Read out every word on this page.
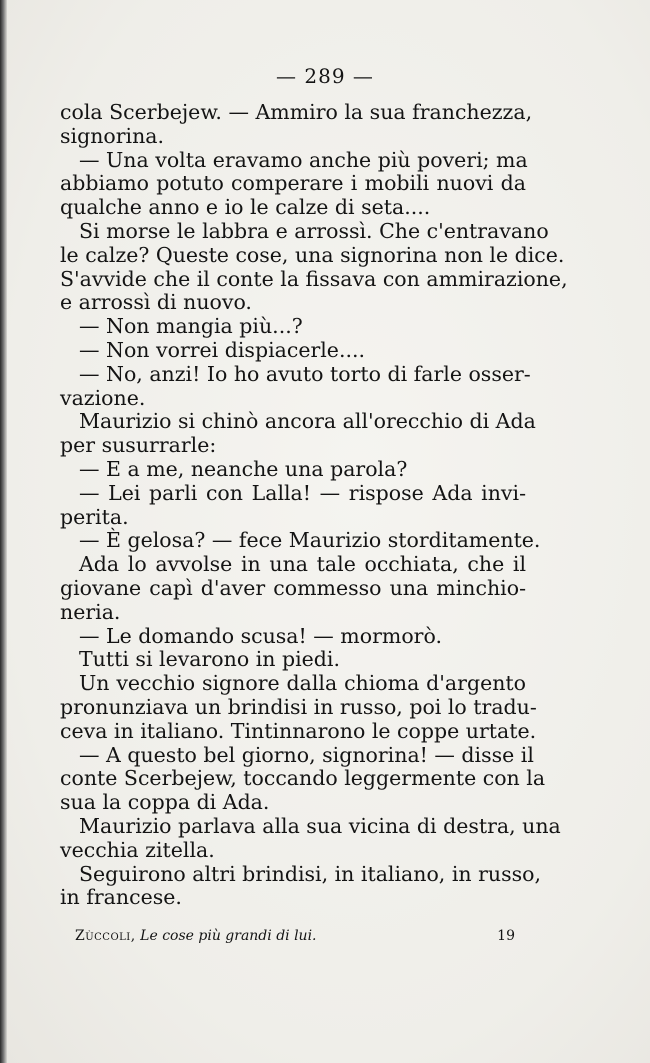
— 289 —
cola Scerbejew. — Ammiro la sua franchezza,
signorina.
— Una volta eravamo anche più poveri; ma
abbiamo potuto comperare i mobili nuovi da
qualche anno e io le calze di seta....
Si morse le labbra e arrossì. Che c'entravano
le calze? Queste cose, una signorina non le dice.
S'avvide che il conte la fissava con ammirazione,
e arrossì di nuovo.
— Non mangia più...?
— Non vorrei dispiacerle....
— No, anzi! Io ho avuto torto di farle osser-
vazione.
Maurizio si chinò ancora all'orecchio di Ada
per susurrarle:
— E a me, neanche una parola?
— Lei parli con Lalla! — rispose Ada invi-
perita.
— È gelosa? — fece Maurizio storditamente.
Ada lo avvolse in una tale occhiata, che il
giovane capì d'aver commesso una minchio-
neria.
— Le domando scusa! — mormorò.
Tutti si levarono in piedi.
Un vecchio signore dalla chioma d'argento
pronunziava un brindisi in russo, poi lo tradu-
ceva in italiano. Tintinnarono le coppe urtate.
— A questo bel giorno, signorina! — disse il
conte Scerbejew, toccando leggermente con la
sua la coppa di Ada.
Maurizio parlava alla sua vicina di destra, una
vecchia zitella.
Seguirono altri brindisi, in italiano, in russo,
in francese.
Zùccoli, Le cose più grandi di lui.	19
